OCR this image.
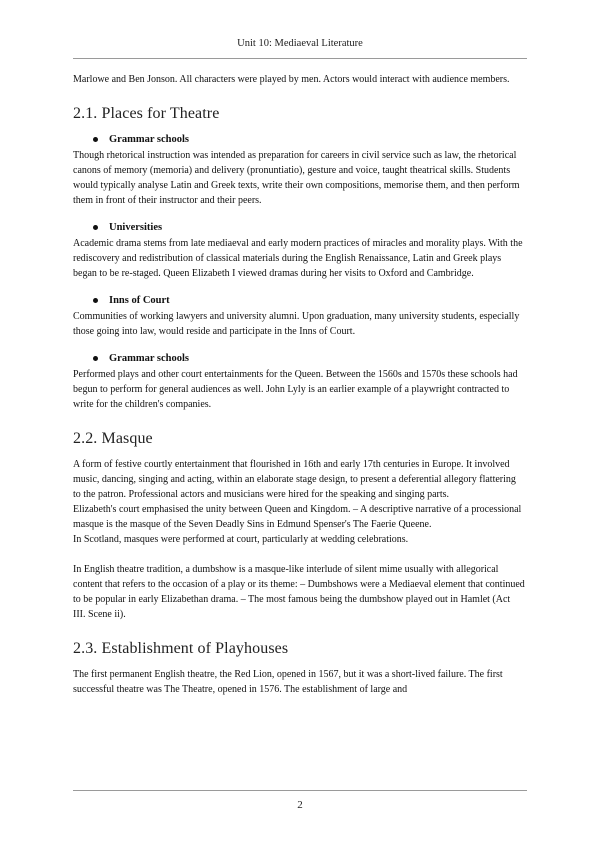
Unit 10: Mediaeval Literature

Marlowe and Ben Jonson. All characters were played by men. Actors would interact with audience members.

2.1. Places for Theatre
Grammar schools

Though rhetorical instruction was intended as preparation for careers in civil service such as law, the rhetorical canons of memory (memoria) and delivery (pronuntiatio), gesture and voice, taught theatrical skills. Students would typically analyse Latin and Greek texts, write their own compositions, memorise them, and then perform them in front of their instructor and their peers.

Universities

Academic drama stems from late mediaeval and early modern practices of miracles and morality plays. With the rediscovery and redistribution of classical materials during the English Renaissance, Latin and Greek plays began to be re-staged. Queen Elizabeth I viewed dramas during her visits to Oxford and Cambridge.

Inns of Court

Communities of working lawyers and university alumni. Upon graduation, many university students, especially those going into law, would reside and participate in the Inns of Court.

Grammar schools

Performed plays and other court entertainments for the Queen. Between the 1560s and 1570s these schools had begun to perform for general audiences as well. John Lyly is an earlier example of a playwright contracted to write for the children's companies.

2.2. Masque

A form of festive courtly entertainment that flourished in 16th and early 17th centuries in Europe. It involved music, dancing, singing and acting, within an elaborate stage design, to present a deferential allegory flattering to the patron. Professional actors and musicians were hired for the speaking and singing parts.

Elizabeth's court emphasised the unity between Queen and Kingdom. – A descriptive narrative of a processional masque is the masque of the Seven Deadly Sins in Edmund Spenser's The Faerie Queene.

In Scotland, masques were performed at court, particularly at wedding celebrations.

In English theatre tradition, a dumbshow is a masque-like interlude of silent mime usually with allegorical content that refers to the occasion of a play or its theme: – Dumbshows were a Mediaeval element that continued to be popular in early Elizabethan drama. – The most famous being the dumbshow played out in Hamlet (Act III. Scene ii).

2.3. Establishment of Playhouses

The first permanent English theatre, the Red Lion, opened in 1567, but it was a short-lived failure. The first successful theatre was The Theatre, opened in 1576. The establishment of large and

2
